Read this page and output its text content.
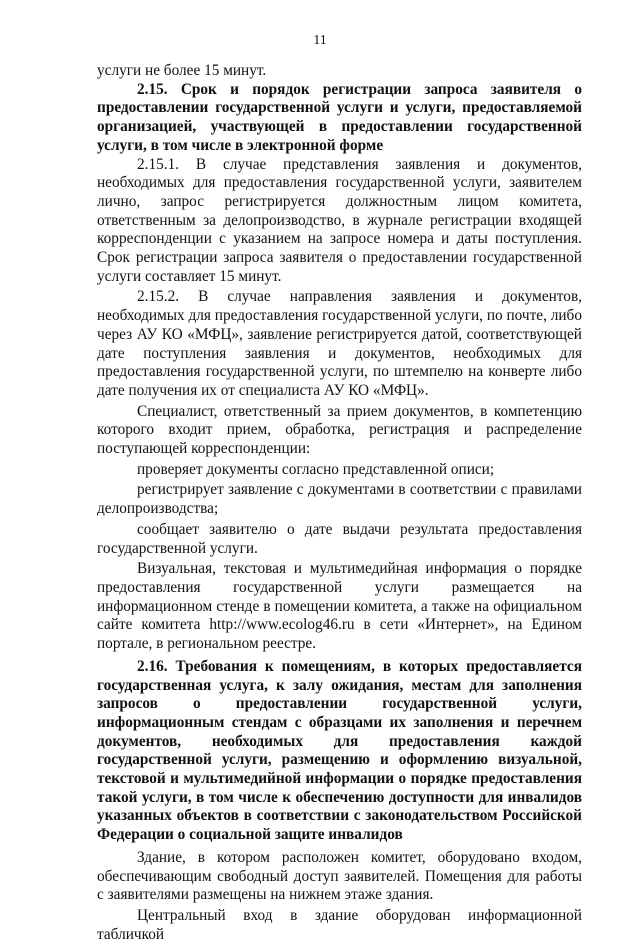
11

услуги не более 15 минут.

2.15. Срок и порядок регистрации запроса заявителя о предоставлении государственной услуги и услуги, предоставляемой организацией, участвующей в предоставлении государственной услуги, в том числе в электронной форме

2.15.1. В случае представления заявления и документов, необходимых для предоставления государственной услуги, заявителем лично, запрос регистрируется должностным лицом комитета, ответственным за делопроизводство, в журнале регистрации входящей корреспонденции с указанием на запросе номера и даты поступления. Срок регистрации запроса заявителя о предоставлении государственной услуги составляет 15 минут.

2.15.2. В случае направления заявления и документов, необходимых для предоставления государственной услуги, по почте, либо через АУ КО «МФЦ», заявление регистрируется датой, соответствующей дате поступления заявления и документов, необходимых для предоставления государственной услуги, по штемпелю на конверте либо дате получения их от специалиста АУ КО «МФЦ».

Специалист, ответственный за прием документов, в компетенцию которого входит прием, обработка, регистрация и распределение поступающей корреспонденции:

проверяет документы согласно представленной описи;

регистрирует заявление с документами в соответствии с правилами делопроизводства;

сообщает заявителю о дате выдачи результата предоставления государственной услуги.

Визуальная, текстовая и мультимедийная информация о порядке предоставления государственной услуги размещается на информационном стенде в помещении комитета, а также на официальном сайте комитета http://www.ecolog46.ru в сети «Интернет», на Едином портале, в региональном реестре.

2.16. Требования к помещениям, в которых предоставляется государственная услуга, к залу ожидания, местам для заполнения запросов о предоставлении государственной услуги, информационным стендам с образцами их заполнения и перечнем документов, необходимых для предоставления каждой государственной услуги, размещению и оформлению визуальной, текстовой и мультимедийной информации о порядке предоставления такой услуги, в том числе к обеспечению доступности для инвалидов указанных объектов в соответствии с законодательством Российской Федерации о социальной защите инвалидов

Здание, в котором расположен комитет, оборудовано входом, обеспечивающим свободный доступ заявителей. Помещения для работы с заявителями размещены на нижнем этаже здания.

Центральный вход в здание оборудован информационной табличкой
